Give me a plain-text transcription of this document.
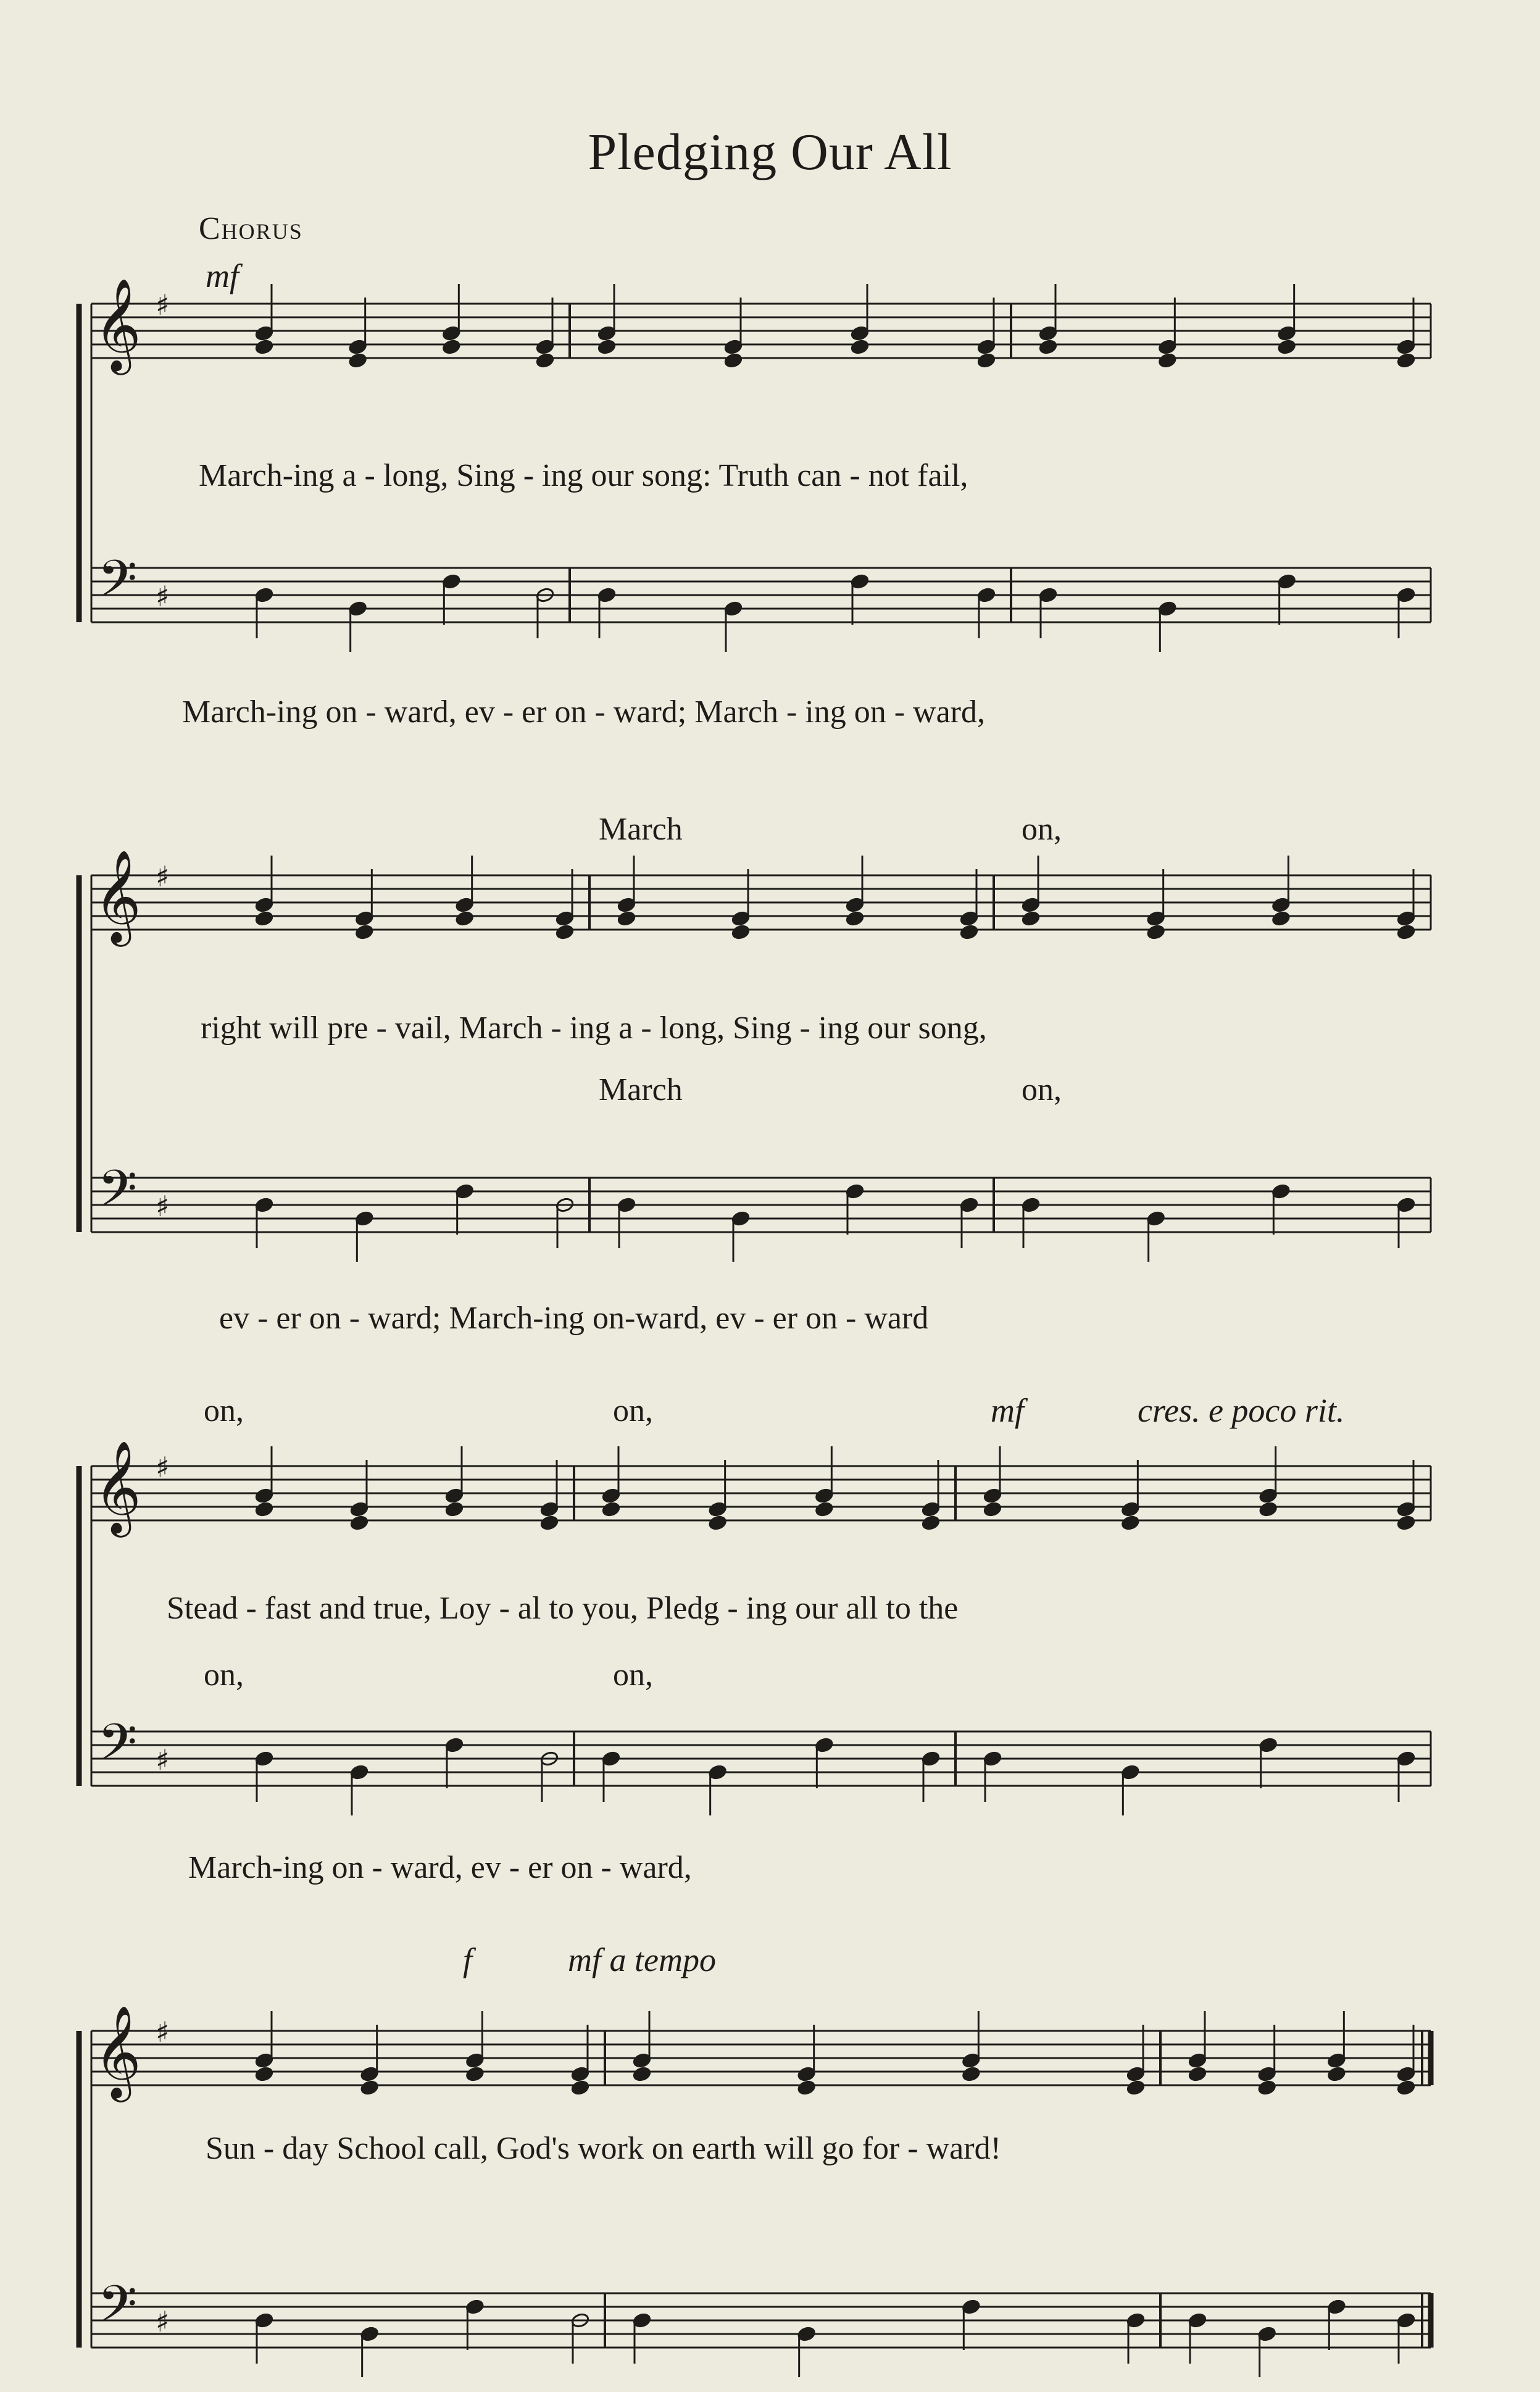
Pledging Our All
Chorus
mf
March-ing a - long, Sing - ing our song: Truth can - not fail,
March-ing on - ward, ev - er on - ward; March - ing on - ward,
March	on,
right will pre - vail, March - ing a - long, Sing - ing our song,
March	on,
ev - er on - ward; March-ing on-ward, ev - er on - ward
on,	on,	mf	cres. e poco rit.
Stead - fast and true, Loy - al to you, Pledg - ing our all to the
on,	on,
March-ing on - ward, ev - er on - ward,
f	mf a tempo
Sun - day School call, God's work on earth will go for - ward!
𝄞
𝄢
♯
♯
𝄞
𝄢
♯
♯
𝄞
𝄢
♯
♯
𝄞
𝄢
♯
♯
